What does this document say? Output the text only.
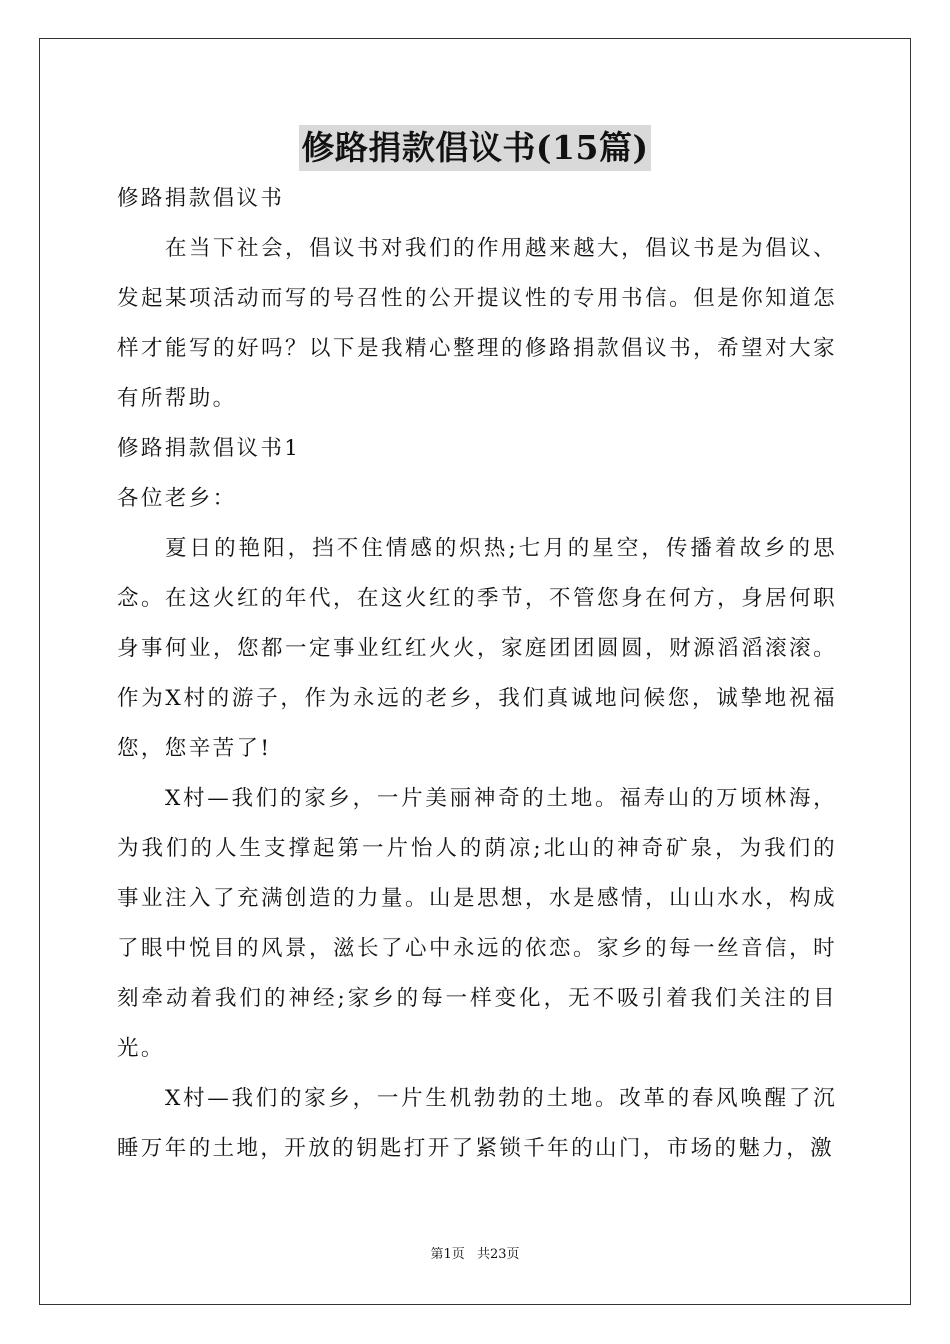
修路捐款倡议书(15篇)

修路捐款倡议书

在当下社会，倡议书对我们的作用越来越大，倡议书是为倡议、发起某项活动而写的号召性的公开提议性的专用书信。但是你知道怎样才能写的好吗？以下是我精心整理的修路捐款倡议书，希望对大家有所帮助。

修路捐款倡议书1

各位老乡：

夏日的艳阳，挡不住情感的炽热;七月的星空，传播着故乡的思念。在这火红的年代，在这火红的季节，不管您身在何方，身居何职身事何业，您都一定事业红红火火，家庭团团圆圆，财源滔滔滚滚。作为X村的游子，作为永远的老乡，我们真诚地问候您，诚挚地祝福您，您辛苦了!

X村—我们的家乡，一片美丽神奇的土地。福寿山的万顷林海，为我们的人生支撑起第一片怡人的荫凉;北山的神奇矿泉，为我们的事业注入了充满创造的力量。山是思想，水是感情，山山水水，构成了眼中悦目的风景，滋长了心中永远的依恋。家乡的每一丝音信，时刻牵动着我们的神经;家乡的每一样变化，无不吸引着我们关注的目光。

X村—我们的家乡，一片生机勃勃的土地。改革的春风唤醒了沉睡万年的土地，开放的钥匙打开了紧锁千年的山门，市场的魅力，激

第1页 共23页
